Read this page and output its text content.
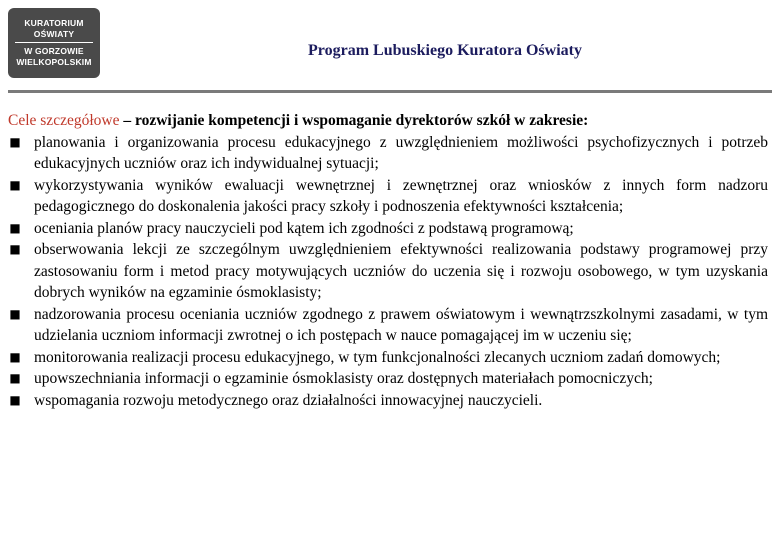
KURATORIUM
OŚWIATY
W GORZOWIE
WIELKOPOLSKIM
Program Lubuskiego Kuratora Oświaty

Cele szczegółowe – rozwijanie kompetencji i wspomaganie dyrektorów szkół w zakresie:

■ planowania i organizowania procesu edukacyjnego z uwzględnieniem możliwości psychofizycznych i potrzeb edukacyjnych uczniów oraz ich indywidualnej sytuacji;
■ wykorzystywania wyników ewaluacji wewnętrznej i zewnętrznej oraz wniosków z innych form nadzoru pedagogicznego do doskonalenia jakości pracy szkoły i podnoszenia efektywności kształcenia;
■ oceniania planów pracy nauczycieli pod kątem ich zgodności z podstawą programową;
■ obserwowania lekcji ze szczególnym uwzględnieniem efektywności realizowania podstawy programowej przy zastosowaniu form i metod pracy motywujących uczniów do uczenia się i rozwoju osobowego, w tym uzyskania dobrych wyników na egzaminie ósmoklasisty;
■ nadzorowania procesu oceniania uczniów zgodnego z prawem oświatowym i wewnątrzszkolnymi zasadami, w tym udzielania uczniom informacji zwrotnej o ich postępach w nauce pomagającej im w uczeniu się;
■ monitorowania realizacji procesu edukacyjnego, w tym funkcjonalności zlecanych uczniom zadań domowych;
■ upowszechniania informacji o egzaminie ósmoklasisty oraz dostępnych materiałach pomocniczych;
■ wspomagania rozwoju metodycznego oraz działalności innowacyjnej nauczycieli.
